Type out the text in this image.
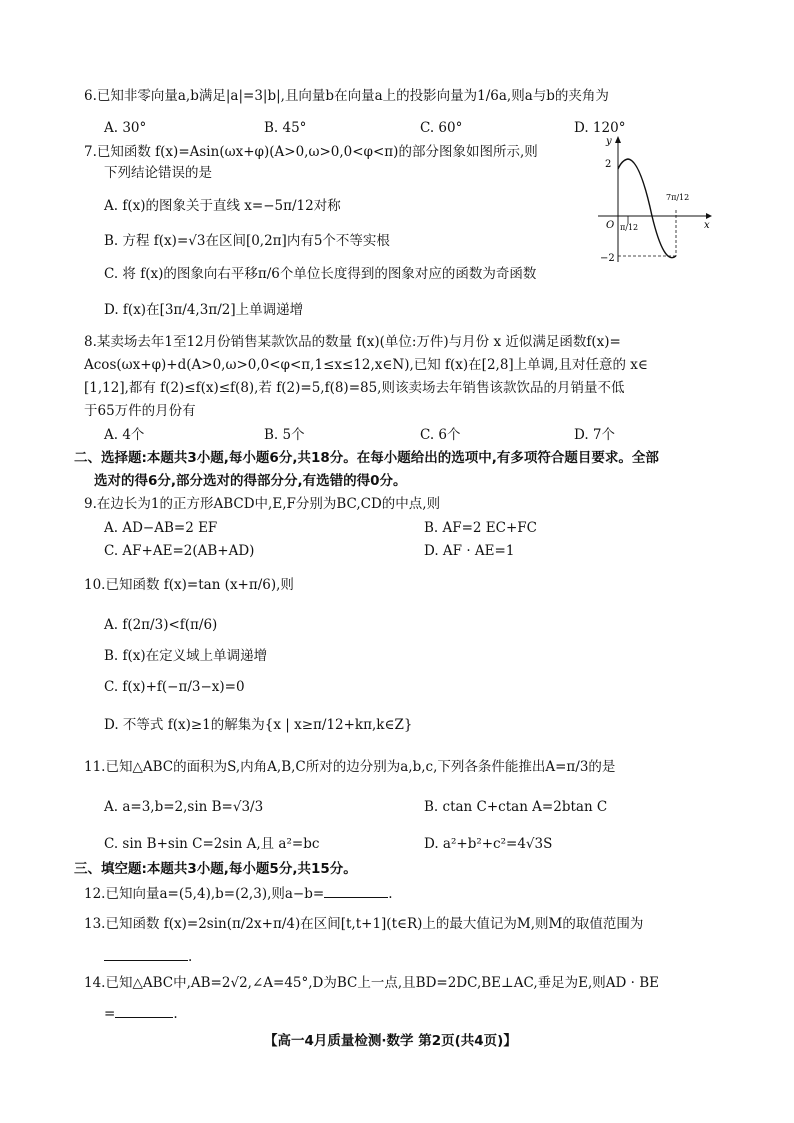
6.已知非零向量a,b满足|a|=3|b|,且向量b在向量a上的投影向量为1/6a,则a与b的夹角为
A. 30°	B. 45°	C. 60°	D. 120°
7.已知函数 f(x)=Asin(ωx+φ)(A>0,ω>0,0<φ<π)的部分图象如图所示,则
下列结论错误的是
A. f(x)的图象关于直线 x=−5π/12对称
B. 方程 f(x)=√3在区间[0,2π]内有5个不等实根
C. 将 f(x)的图象向右平移π/6个单位长度得到的图象对应的函数为奇函数
D. f(x)在[3π/4,3π/2]上单调递增
y
x
O
2
−2
π/12
7π/12
8.某卖场去年1至12月份销售某款饮品的数量 f(x)(单位:万件)与月份 x 近似满足函数f(x)=
Acos(ωx+φ)+d(A>0,ω>0,0<φ<π,1≤x≤12,x∈N),已知 f(x)在[2,8]上单调,且对任意的 x∈
[1,12],都有 f(2)≤f(x)≤f(8),若 f(2)=5,f(8)=85,则该卖场去年销售该款饮品的月销量不低
于65万件的月份有
A. 4个	B. 5个	C. 6个	D. 7个
二、选择题:本题共3小题,每小题6分,共18分。在每小题给出的选项中,有多项符合题目要求。全部
选对的得6分,部分选对的得部分分,有选错的得0分。
9.在边长为1的正方形ABCD中,E,F分别为BC,CD的中点,则
A. AD−AB=2 EF	B. AF=2 EC+FC
C. AF+AE=2(AB+AD)	D. AF · AE=1
10.已知函数 f(x)=tan (x+π/6),则
A. f(2π/3)<f(π/6)
B. f(x)在定义域上单调递增
C. f(x)+f(−π/3−x)=0
D. 不等式 f(x)≥1的解集为{x | x≥π/12+kπ,k∈Z}
11.已知△ABC的面积为S,内角A,B,C所对的边分别为a,b,c,下列各条件能推出A=π/3的是
A. a=3,b=2,sin B=√3/3	B. ctan C+ctan A=2btan C
C. sin B+sin C=2sin A,且 a²=bc	D. a²+b²+c²=4√3S
三、填空题:本题共3小题,每小题5分,共15分。
12.已知向量a=(5,4),b=(2,3),则a−b=	.
13.已知函数 f(x)=2sin(π/2x+π/4)在区间[t,t+1](t∈R)上的最大值记为M,则M的取值范围为
.
14.已知△ABC中,AB=2√2,∠A=45°,D为BC上一点,且BD=2DC,BE⊥AC,垂足为E,则AD · BE
=	.
【高一4月质量检测·数学 第2页(共4页)】
